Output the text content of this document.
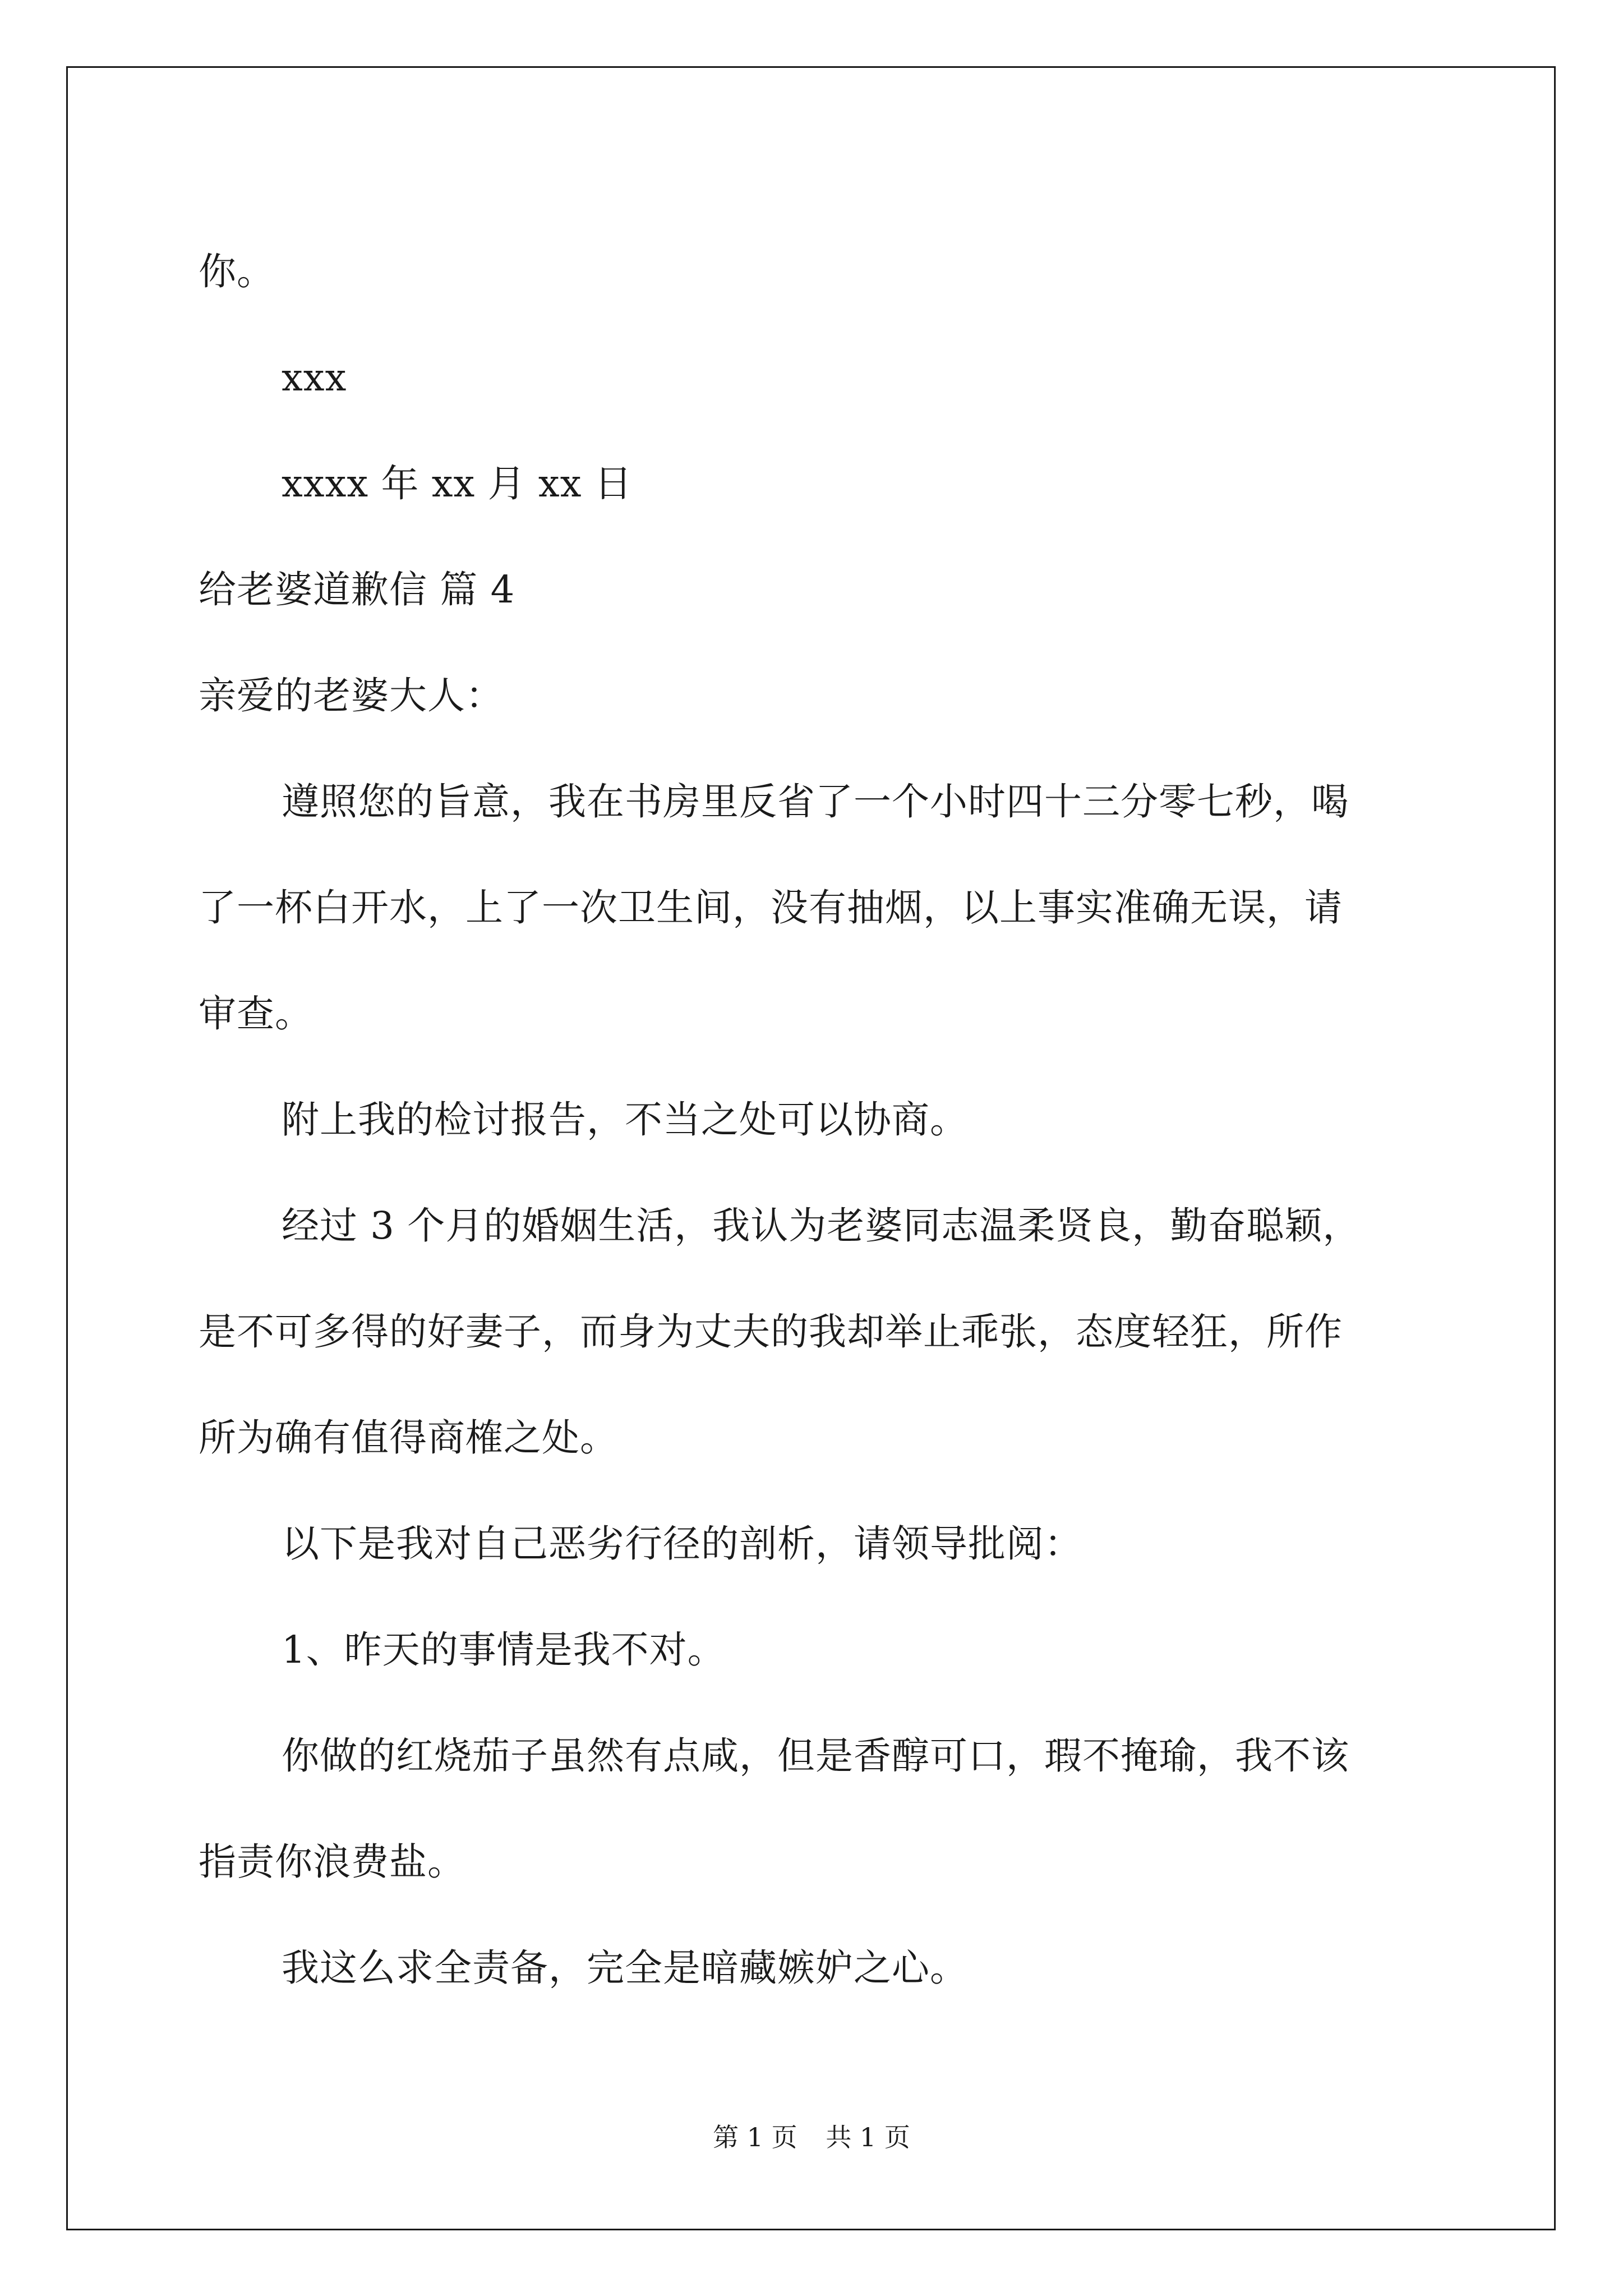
你。
xxx
xxxx 年 xx 月 xx 日
给老婆道歉信 篇 4
亲爱的老婆大人：
遵照您的旨意，我在书房里反省了一个小时四十三分零七秒，喝
了一杯白开水，上了一次卫生间，没有抽烟，以上事实准确无误，请
审查。
附上我的检讨报告，不当之处可以协商。
经过 3 个月的婚姻生活，我认为老婆同志温柔贤良，勤奋聪颖，
是不可多得的好妻子，而身为丈夫的我却举止乖张，态度轻狂，所作
所为确有值得商榷之处。
以下是我对自己恶劣行径的剖析，请领导批阅：
1、昨天的事情是我不对。
你做的红烧茄子虽然有点咸，但是香醇可口，瑕不掩瑜，我不该
指责你浪费盐。
我这么求全责备，完全是暗藏嫉妒之心。
第 1 页 共 1 页
